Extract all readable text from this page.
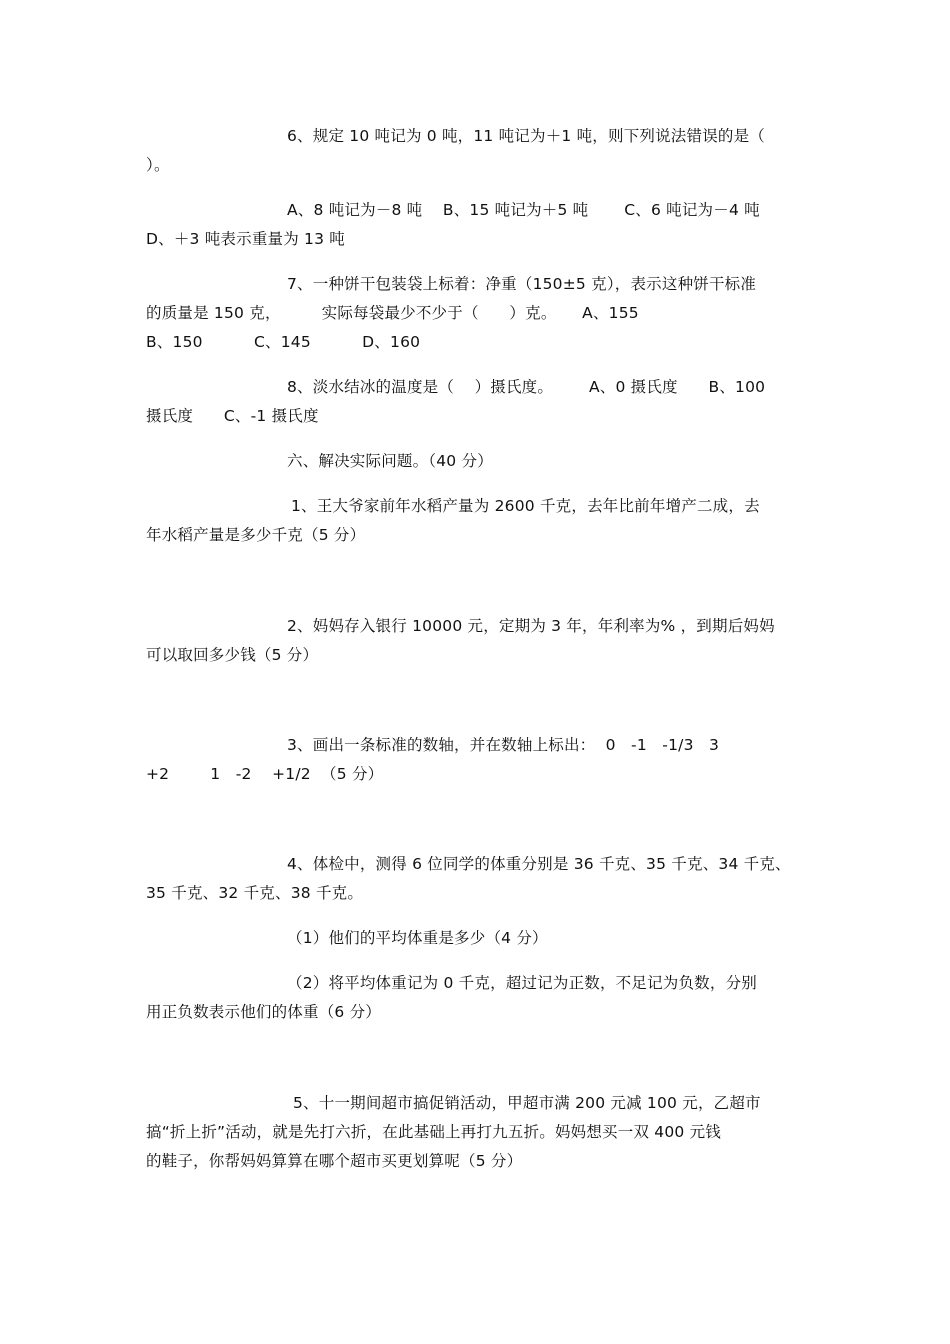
6、规定 10 吨记为 0 吨，11 吨记为＋1 吨，则下列说法错误的是（
）。
A、8 吨记为－8 吨    B、15 吨记为＋5 吨       C、6 吨记为－4 吨
D、＋3 吨表示重量为 13 吨
7、一种饼干包装袋上标着：净重（150±5 克），表示这种饼干标准
的质量是 150 克，        实际每袋最少不少于（      ）克。     A、155
B、150          C、145          D、160
8、淡水结冰的温度是（    ）摄氏度。       A、0 摄氏度      B、100
摄氏度      C、-1 摄氏度
六、解决实际问题。（40 分）
1、王大爷家前年水稻产量为 2600 千克，去年比前年增产二成，去
年水稻产量是多少千克（5 分）
2、妈妈存入银行 10000 元，定期为 3 年，年利率为% ，到期后妈妈
可以取回多少钱（5 分）
3、画出一条标准的数轴，并在数轴上标出：  0   -1   -1/3   3
+2        1   -2    +1/2  （5 分）
4、体检中，测得 6 位同学的体重分别是 36 千克、35 千克、34 千克、
35 千克、32 千克、38 千克。
（1）他们的平均体重是多少（4 分）
（2）将平均体重记为 0 千克，超过记为正数，不足记为负数，分别
用正负数表示他们的体重（6 分）
5、十一期间超市搞促销活动，甲超市满 200 元减 100 元，乙超市
搞“折上折”活动，就是先打六折，在此基础上再打九五折。妈妈想买一双 400 元钱
的鞋子，你帮妈妈算算在哪个超市买更划算呢（5 分）
